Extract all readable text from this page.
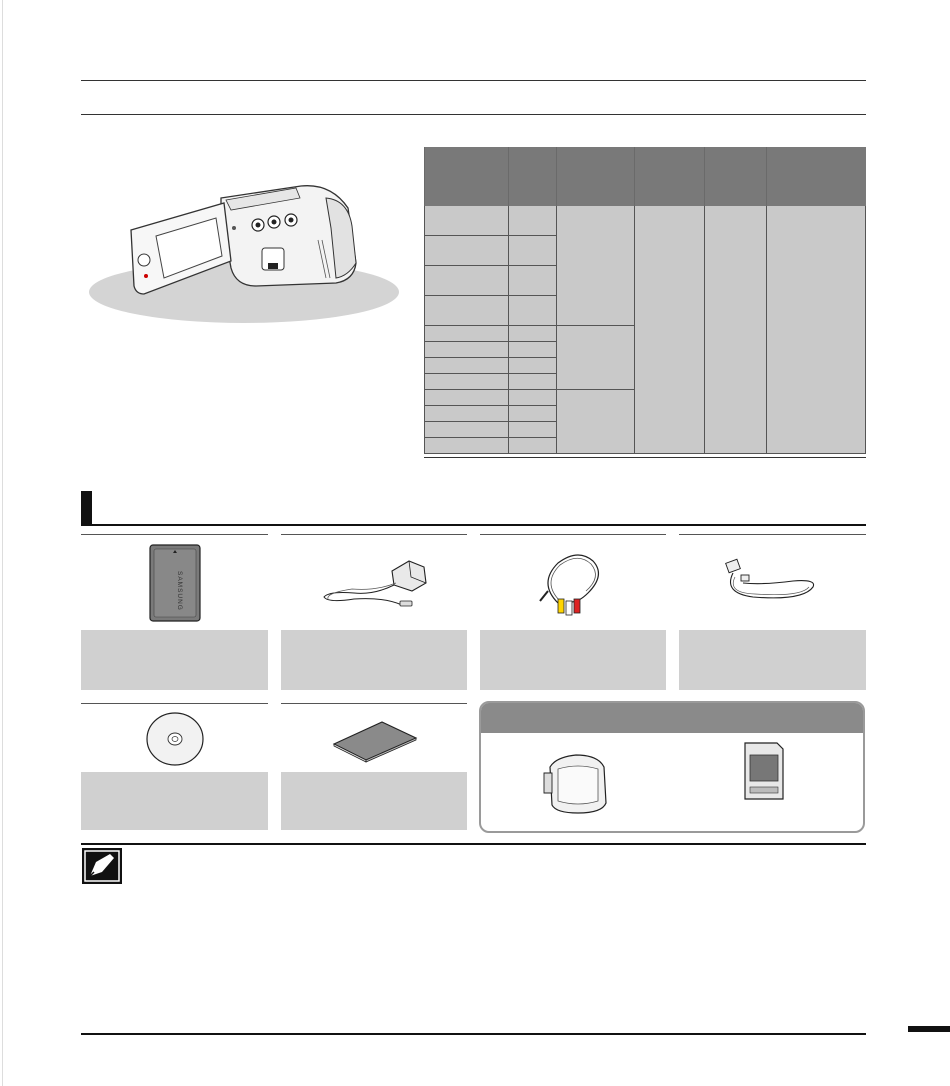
SAMSUNG
